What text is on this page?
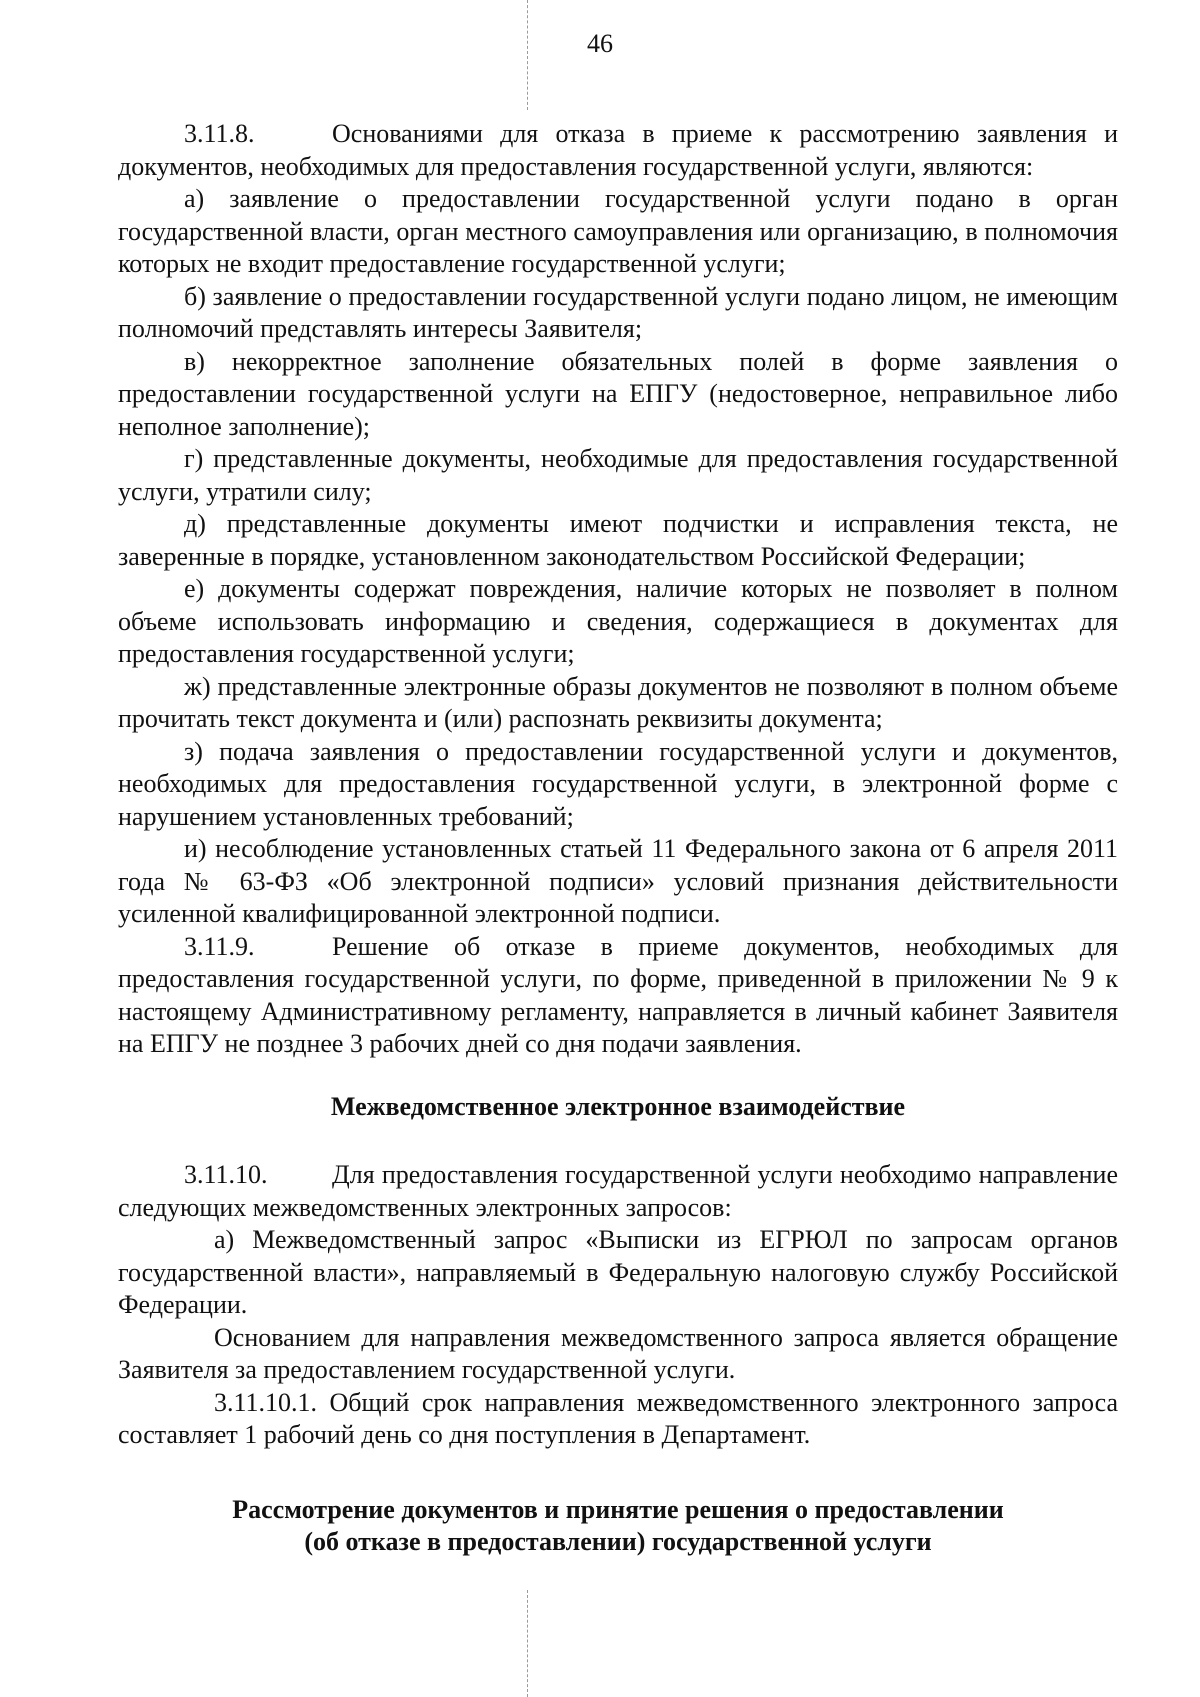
46

3.11.8.	Основаниями для отказа в приеме к рассмотрению заявления и документов, необходимых для предоставления государственной услуги, являются:

а) заявление о предоставлении государственной услуги подано в орган государственной власти, орган местного самоуправления или организацию, в полномочия которых не входит предоставление государственной услуги;

б) заявление о предоставлении государственной услуги подано лицом, не имеющим полномочий представлять интересы Заявителя;

в) некорректное заполнение обязательных полей в форме заявления о предоставлении государственной услуги на ЕПГУ (недостоверное, неправильное либо неполное заполнение);

г) представленные документы, необходимые для предоставления государственной услуги, утратили силу;

д) представленные документы имеют подчистки и исправления текста, не заверенные в порядке, установленном законодательством Российской Федерации;

е) документы содержат повреждения, наличие которых не позволяет в полном объеме использовать информацию и сведения, содержащиеся в документах для предоставления государственной услуги;

ж) представленные электронные образы документов не позволяют в полном объеме прочитать текст документа и (или) распознать реквизиты документа;

з) подача заявления о предоставлении государственной услуги и документов, необходимых для предоставления государственной услуги, в электронной форме с нарушением установленных требований;

и) несоблюдение установленных статьей 11 Федерального закона от 6 апреля 2011 года № 63-ФЗ «Об электронной подписи» условий признания действительности усиленной квалифицированной электронной подписи.

3.11.9.	Решение об отказе в приеме документов, необходимых для предоставления государственной услуги, по форме, приведенной в приложении № 9 к настоящему Административному регламенту, направляется в личный кабинет Заявителя на ЕПГУ не позднее 3 рабочих дней со дня подачи заявления.

Межведомственное электронное взаимодействие

3.11.10. Для предоставления государственной услуги необходимо направление следующих межведомственных электронных запросов:

а) Межведомственный запрос «Выписки из ЕГРЮЛ по запросам органов государственной власти», направляемый в Федеральную налоговую службу Российской Федерации.

Основанием для направления межведомственного запроса является обращение Заявителя за предоставлением государственной услуги.

3.11.10.1. Общий срок направления межведомственного электронного запроса составляет 1 рабочий день со дня поступления в Департамент.

Рассмотрение документов и принятие решения о предоставлении
(об отказе в предоставлении) государственной услуги
